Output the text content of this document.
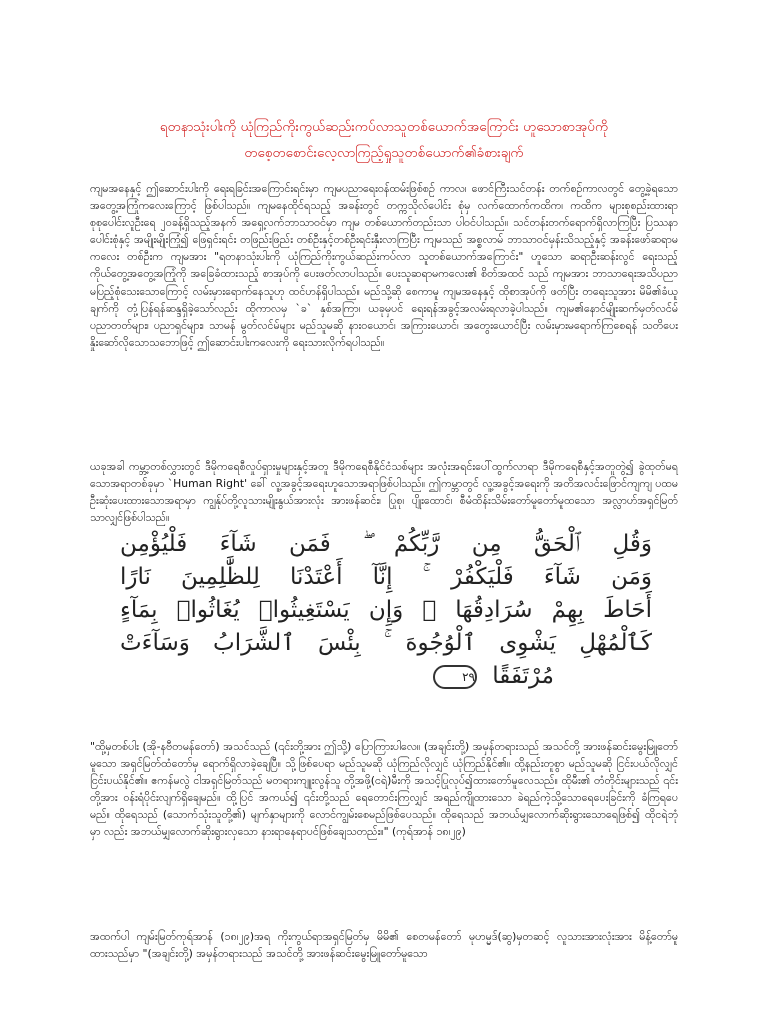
ရတနာသုံးပါးကို ယုံကြည်ကိုးကွယ်ဆည်းကပ်လာသူတစ်ယောက်အကြောင်း ဟူသောစာအုပ်ကို
တစေ့တစောင်းလေ့လာကြည့်ရှုသူတစ်ယောက်၏ခံစားချက်

ကျမအနေနှင့် ဤဆောင်းပါးကို ရေးရခြင်းအကြောင်းရင်းမှာ ကျမပညာရေးဝန်ထမ်းဖြစ်စဉ် ကာလ၊ ဖောင်ကြီးသင်တန်း တက်စဉ်ကာလတွင် တွေ့ခဲ့ရသော အတွေ့အကြုံကလေးကြောင့် ဖြစ်ပါသည်။ ကျမနေထိုင်ရသည့် အခန်းတွင် တက္ကသိုလ်ပေါင်း စုံမှ လက်ထောက်ကထိက၊ ကထိက များစုစည်းထားရာ စုစုပေါင်းလူဦးရေ ၂၀ခန့်ရှိသည့်အနက် အရှေ့လက်ဘာသာဝင်မှာ ကျမ တစ်ယောက်တည်းသာ ပါဝင်ပါသည်။ သင်တန်းတက်ရောက်ရှိလာကြပြီး ပြဿနာပေါင်းစုံနှင့် အမျိုးမျိုးကြုံ၍ ဖြေရှင်းရင်း တဖြည်းဖြည်း တစ်ဦးနှင့်တစ်ဦးရင်းနှီးလာကြပြီး ကျမသည် အစ္စလာမ် ဘာသာဝင်မှန်းသိသည့်နှင့် အခန်းဖော်ဆရာမကလေး တစ်ဦးက ကျမအား "ရတနာသုံးပါးကို ယုံကြည်ကိုးကွယ်ဆည်းကပ်လာ သူတစ်ယောက်အကြောင်း" ဟူသော ဆရာဦးဆန်းလွင် ရေးသည့် ကိုယ်တွေ့အတွေ့အကြုံကို အခြေခံထားသည့် စာအုပ်ကို ပေးဖတ်လာပါသည်။ ပေးသူဆရာမကလေး၏ စိတ်အထင် သည် ကျမအား ဘာသာရေးအသိပညာ မပြည့်စုံသေးသောကြောင့် လမ်းမှားရောက်နေသူဟု ထင်ဟန်ရှိပါသည်။ မည်သို့ဆို စေကာမူ ကျမအနေနှင့် ထိုစာအုပ်ကို ဖတ်ပြီး တရေးသူအား မိမိ၏ခံယူချက်ကို တုံ့ပြန်ရန်ဆန္ဒရှိခဲ့သော်လည်း ထိုကာလမှ `ခ` နှစ်အကြာ၊ ယခုမှပင် ရေးရန်အခွင့်အလမ်းရလာခဲ့ပါသည်။ ကျမ၏နောင်မျိုးဆက်မှတ်လင်မ်ပညာတတ်များ၊ ပညာရှင်များ၊ သာမန် မွတ်လင်မ်များ မည်သူမဆို နားဝယောင်၊ အကြားယောင်၊ အတွေးယောင်ပြီး လမ်းမှားမရောက်ကြစေရန် သတိပေး နှိုးဆော်လိုသောသဘောဖြင့် ဤဆောင်းပါးကလေးကို ရေးသားလိုက်ရပါသည်။

ယခုအခါ ကမ္ဘာ့တစ်လွှားတွင် ဒီမိုကရေစီလှုပ်ရှားမှုများနှင့်အတူ ဒီမိုကရေစီနိုင်ငံသစ်များ အလုံးအရင်းပေါ်ထွက်လာရာ ဒီမိုကရေစီနှင့်အတူတွဲ၍ ခွဲထုတ်မရသောအရာတစ်ခုမှာ `Human Right' ခေါ် လူ့အခွင့်အရေးဟူသောအရာဖြစ်ပါသည်။ ဤကမ္ဘာတွင် လူ့အခွင့်အရေးကို အတိအလင်းဖြောင်ကျကျ ပထမဦးဆုံးပေးထားသောအရာမှာ ကျွန်ုပ်တို့လူသားမျိုးနွယ်အားလုံး အားဖန်ဆင်း၊ ပြုစု၊ ပျိုးထောင်၊ စီမံထိန်းသိမ်းတော်မူတော်မူထသော အလ္လာဟ်အရှင်မြတ် သာလျှင်ဖြစ်ပါသည်။

وَقُلِ ٱلْحَقُّ مِن رَّبِّكُمْ ۖ فَمَن شَآءَ فَلْيُؤْمِن
وَمَن شَآءَ فَلْيَكْفُرْ ۚ إِنَّآ أَعْتَدْنَا لِلظَّٰلِمِينَ نَارًا
أَحَاطَ بِهِمْ سُرَادِقُهَا ۚ وَإِن يَسْتَغِيثُوا۟ يُغَاثُوا۟ بِمَآءٍ
كَٱلْمُهْلِ يَشْوِى ٱلْوُجُوهَ ۚ بِئْسَ ٱلشَّرَابُ وَسَآءَتْ
مُرْتَفَقًا ٢٩

"ထို့မှတစ်ပါး (အို-နဗီတမန်တော်) အသင်သည် (၎င်းတို့အား ဤသို့) ပြောကြားပါလေ။ (အချင်းတို့) အမှန်တရားသည် အသင်တို့ အားဖန်ဆင်းမွေးမြူတော်မူသော အရှင်မြတ်ထံတော်မှ ရောက်ရှိလာခဲ့ချေပြီ။ သို့ဖြစ်ပေရာ မည်သူမဆို ယုံကြည်လိုလျှင် ယုံကြည်နိုင်၏။ ထို့နည်းတူစွာ မည်သူမဆို ငြင်းပယ်လိုလျှင် ငြင်းပယ်နိုင်၏။ ဧကန်မလွဲ ငါအရှင်မြတ်သည် မတရားကျူးလွန်သူ တို့အဖို့(ငရဲ)မီးကို အသင့်ပြုလုပ်၍ထားတော်မူလေသည်။ ထိုမီး၏ တံတိုင်းများသည် ၎င်းတို့အား ဝန်းရံပိုင်းလျက်ရှိချေမည်။ ထို့ပြင် အကယ်၍ ၎င်းတို့သည် ရေတောင်းကြလျှင် အရည်ကျိုထားသော ခဲရည်ကဲ့သို့သောရေပေးခြင်းကို ခံကြရပေမည်။ ထိုရေသည် (သောက်သုံးသူတို့၏) မျက်နှာများကို လောင်ကျွမ်းစေမည်ဖြစ်ပေသည်။ ထိုရေသည် အဘယ်မျှလောက်ဆိုးရွားသောရေဖြစ်၍ ထိုငရဲဘုံမှာ လည်း အဘယ်မျှလောက်ဆိုးရွားလှသော နားရာနေရာပင်ဖြစ်ချေသတည်း။" (ကုရ်အာန် ၁၈၊၂၉)

အထက်ပါ ကျမ်းမြတ်ကုရ်အာန် (၁၈၊၂၉)အရ ကိုးကွယ်ရာအရှင်မြတ်မှ မိမိ၏ စေတမန်တော် မုဟမ္မဒ်(ဆွ)မှတဆင့် လူသားအားလုံးအား မိန့်တော်မူထားသည်မှာ "(အချင်းတို့) အမှန်တရားသည် အသင်တို့ အားဖန်ဆင်းမွေးမြူတော်မူသော
